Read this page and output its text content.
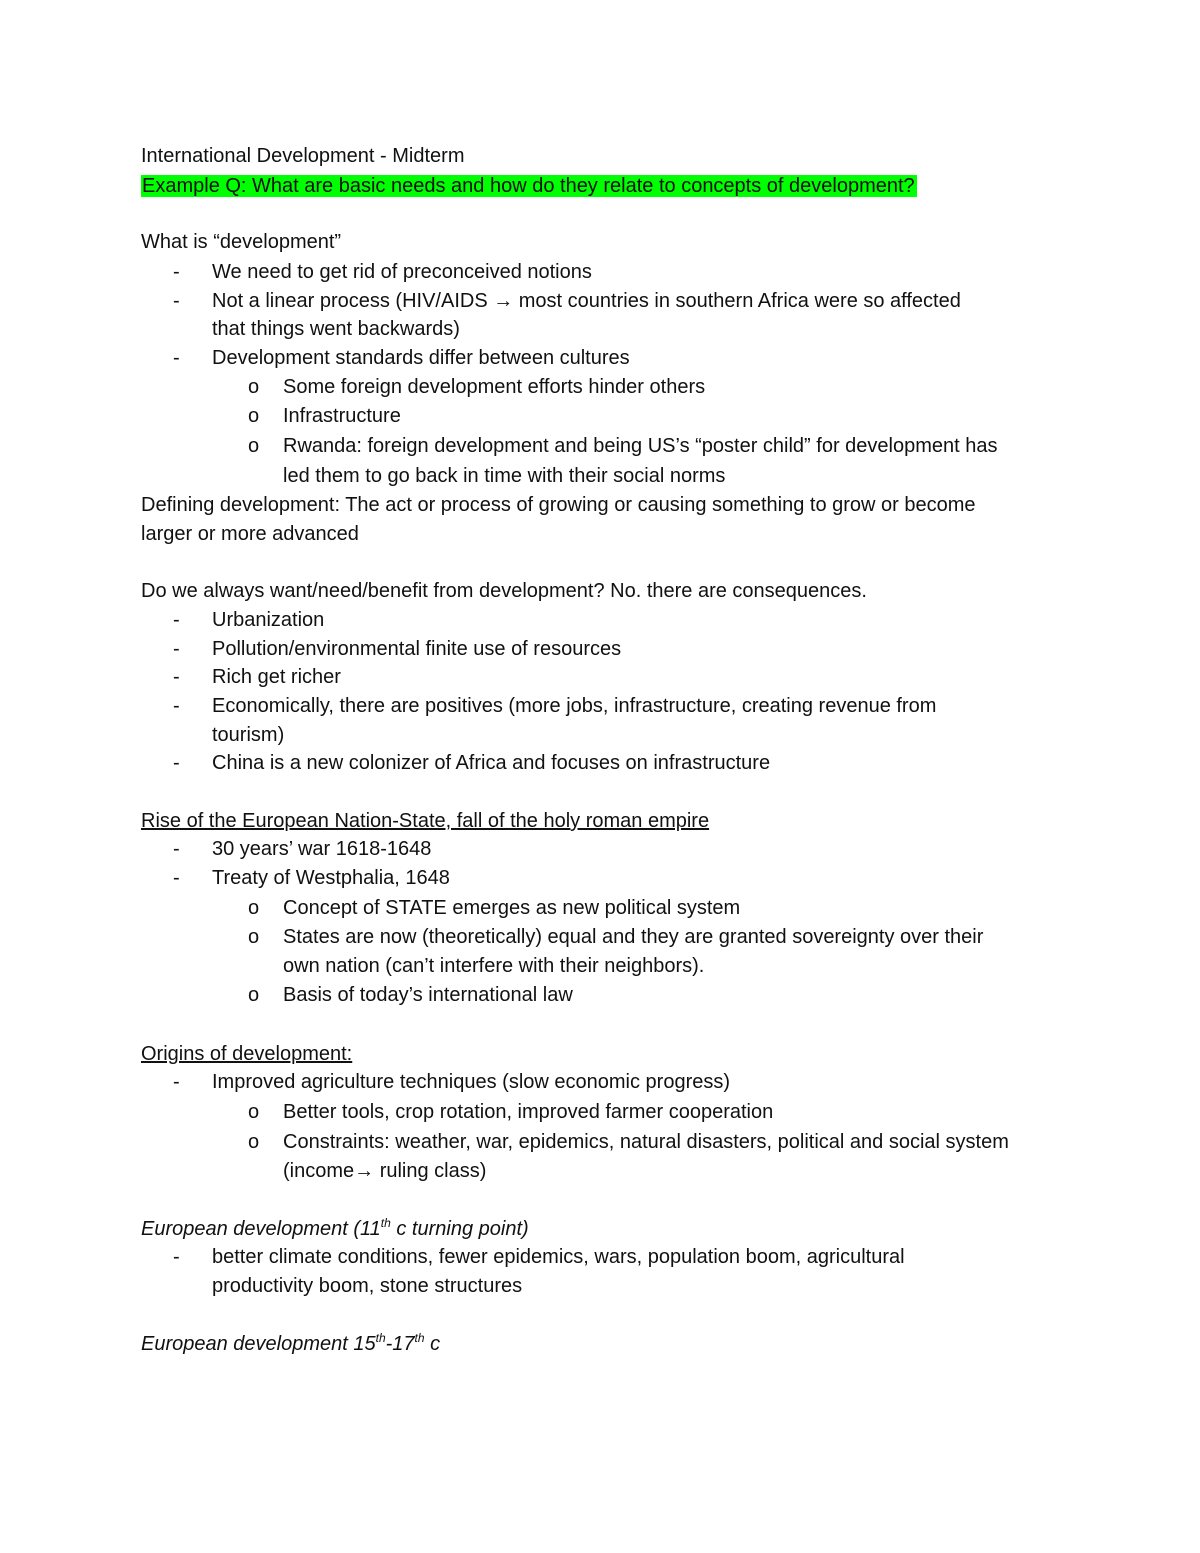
International Development - Midterm
Example Q: What are basic needs and how do they relate to concepts of development?
What is “development”
- We need to get rid of preconceived notions
- Not a linear process (HIV/AIDS → most countries in southern Africa were so affected
that things went backwards)
- Development standards differ between cultures
o Some foreign development efforts hinder others
o Infrastructure
o Rwanda: foreign development and being US’s “poster child” for development has
led them to go back in time with their social norms
Defining development: The act or process of growing or causing something to grow or become
larger or more advanced
Do we always want/need/benefit from development? No. there are consequences.
- Urbanization
- Pollution/environmental finite use of resources
- Rich get richer
- Economically, there are positives (more jobs, infrastructure, creating revenue from
tourism)
- China is a new colonizer of Africa and focuses on infrastructure
Rise of the European Nation-State, fall of the holy roman empire
- 30 years’ war 1618-1648
- Treaty of Westphalia, 1648
o Concept of STATE emerges as new political system
o States are now (theoretically) equal and they are granted sovereignty over their
own nation (can’t interfere with their neighbors).
o Basis of today’s international law
Origins of development:
- Improved agriculture techniques (slow economic progress)
o Better tools, crop rotation, improved farmer cooperation
o Constraints: weather, war, epidemics, natural disasters, political and social system
(income→ ruling class)
European development (11th c turning point)
- better climate conditions, fewer epidemics, wars, population boom, agricultural
productivity boom, stone structures
European development 15th-17th c
